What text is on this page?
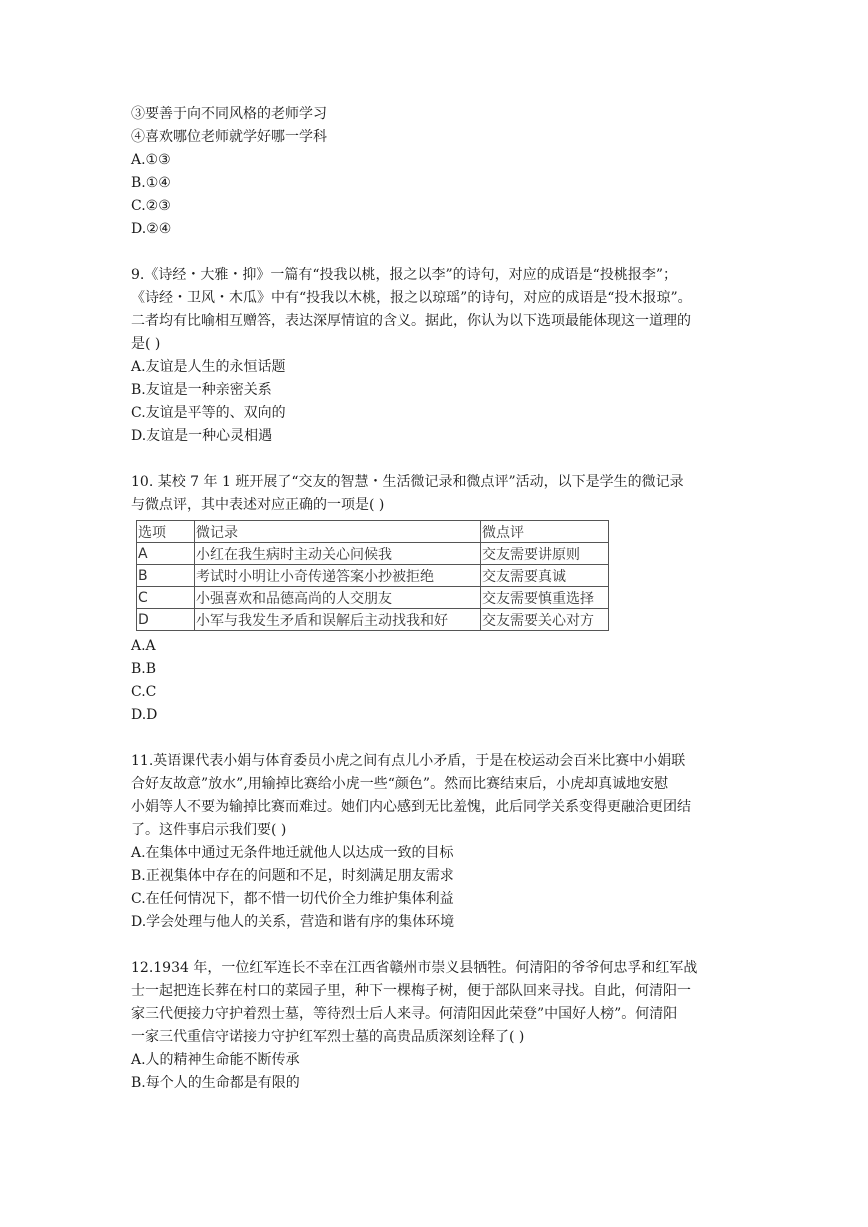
③要善于向不同风格的老师学习
④喜欢哪位老师就学好哪一学科
A.①③
B.①④
C.②③
D.②④
9.《诗经・大雅・抑》一篇有“投我以桃，报之以李”的诗句，对应的成语是“投桃报李”；
《诗经・卫风・木瓜》中有“投我以木桃，报之以琼瑶”的诗句，对应的成语是“投木报琼”。
二者均有比喻相互赠答，表达深厚情谊的含义。据此，你认为以下选项最能体现这一道理的
是( )
A.友谊是人生的永恒话题
B.友谊是一种亲密关系
C.友谊是平等的、双向的
D.友谊是一种心灵相遇
10. 某校 7 年 1 班开展了“交友的智慧・生活微记录和微点评”活动，以下是学生的微记录
与微点评，其中表述对应正确的一项是( )
选项	微记录	微点评
A	小红在我生病时主动关心问候我	交友需要讲原则
B	考试时小明让小奇传递答案小抄被拒绝	交友需要真诚
C	小强喜欢和品德高尚的人交朋友	交友需要慎重选择
D	小军与我发生矛盾和误解后主动找我和好	交友需要关心对方
A.A
B.B
C.C
D.D
11.英语课代表小娟与体育委员小虎之间有点儿小矛盾，于是在校运动会百米比赛中小娟联
合好友故意”放水”,用输掉比赛给小虎一些“颜色”。然而比赛结束后，小虎却真诚地安慰
小娟等人不要为输掉比赛而难过。她们内心感到无比羞愧，此后同学关系变得更融洽更团结
了。这件事启示我们要( )
A.在集体中通过无条件地迁就他人以达成一致的目标
B.正视集体中存在的问题和不足，时刻满足朋友需求
C.在任何情况下，都不惜一切代价全力维护集体利益
D.学会处理与他人的关系，营造和谐有序的集体环境
12.1934 年，一位红军连长不幸在江西省赣州市崇义县牺牲。何清阳的爷爷何忠孚和红军战
士一起把连长葬在村口的菜园子里，种下一棵梅子树，便于部队回来寻找。自此，何清阳一
家三代便接力守护着烈士墓，等待烈士后人来寻。何清阳因此荣登”中国好人榜”。何清阳
一家三代重信守诺接力守护红军烈士墓的高贵品质深刻诠释了( )
A.人的精神生命能不断传承
B.每个人的生命都是有限的
